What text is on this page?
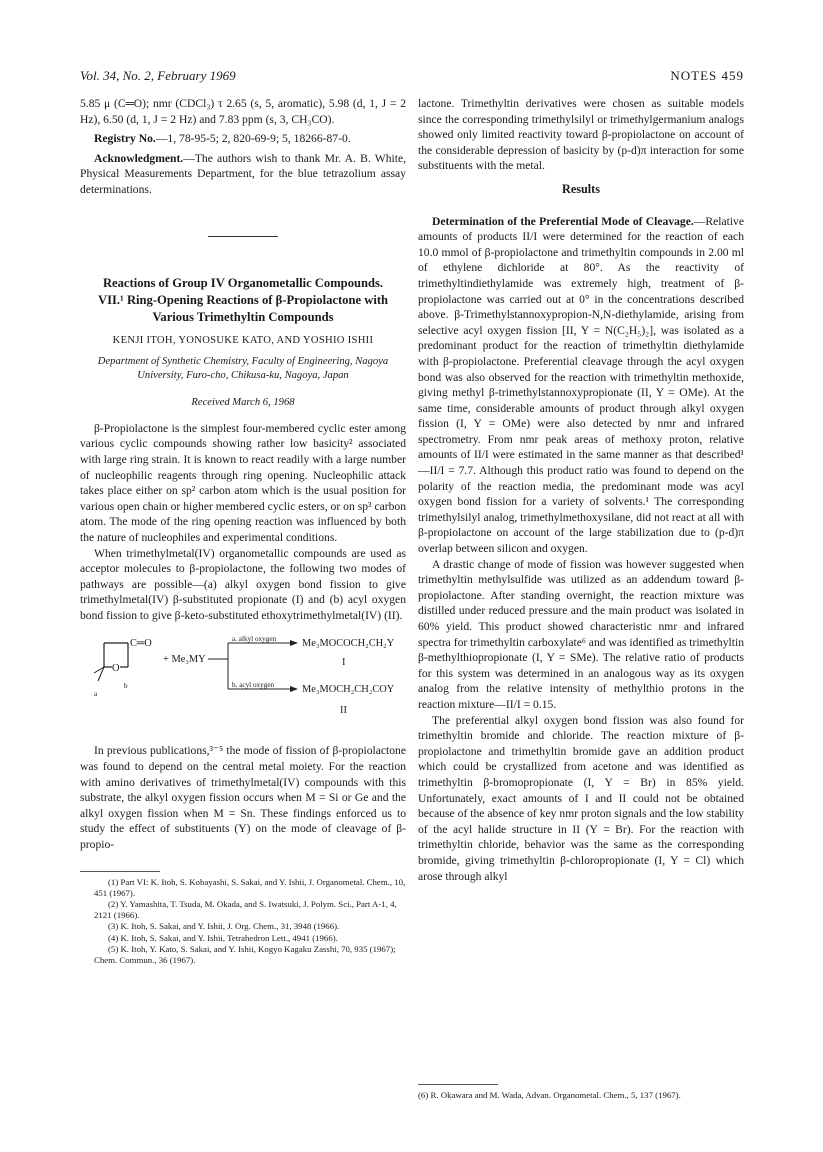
Vol. 34, No. 2, February 1969	NOTES 459

5.85 μ (C═O); nmr (CDCl₃) τ 2.65 (s, 5, aromatic), 5.98 (d, 1, J = 2 Hz), 6.50 (d, 1, J = 2 Hz) and 7.83 ppm (s, 3, CH₃CO).

Registry No.—1, 78-95-5; 2, 820-69-9; 5, 18266-87-0.

Acknowledgment.—The authors wish to thank Mr. A. B. White, Physical Measurements Department, for the blue tetrazolium assay determinations.

Reactions of Group IV Organometallic Compounds. VII.¹ Ring-Opening Reactions of β-Propiolactone with Various Trimethyltin Compounds
KENJI ITOH, YONOSUKE KATO, AND YOSHIO ISHII
Department of Synthetic Chemistry, Faculty of Engineering, Nagoya University, Furo-cho, Chikusa-ku, Nagoya, Japan
Received March 6, 1968

β-Propiolactone is the simplest four-membered cyclic ester among various cyclic compounds showing rather low basicity² associated with large ring strain. It is known to react readily with a large number of nucleophilic reagents through ring opening. Nucleophilic attack takes place either on sp² carbon atom which is the usual position for various open chain or higher membered cyclic esters, or on sp³ carbon atom. The mode of the ring opening reaction was influenced by both the nature of nucleophiles and experimental conditions.

When trimethylmetal(IV) organometallic compounds are used as acceptor molecules to β-propiolactone, the following two modes of pathways are possible—(a) alkyl oxygen bond fission to give trimethylmetal(IV) β-substituted propionate (I) and (b) acyl oxygen bond fission to give β-keto-substituted ethoxytrimethylmetal(IV) (II).

C═O
O
+ Me₃MY
a
b
a. alkyl oxygen
b. acyl oxygen
Me₃MOCOCH₂CH₂Y
I
Me₃MOCH₂CH₂COY
II

In previous publications,³⁻⁵ the mode of fission of β-propiolactone was found to depend on the central metal moiety. For the reaction with amino derivatives of trimethylmetal(IV) compounds with this substrate, the alkyl oxygen fission occurs when M = Si or Ge and the alkyl oxygen fission when M = Sn. These findings enforced us to study the effect of substituents (Y) on the mode of cleavage of β-propio-

(1) Part VI: K. Itoh, S. Kobayashi, S. Sakai, and Y. Ishii, J. Organometal. Chem., 10, 451 (1967).

(2) Y. Yamashita, T. Tsuda, M. Okada, and S. Iwatsuki, J. Polym. Sci., Part A-1, 4, 2121 (1966).

(3) K. Itoh, S. Sakai, and Y. Ishii, J. Org. Chem., 31, 3948 (1966).

(4) K. Itoh, S. Sakai, and Y. Ishii, Tetrahedron Lett., 4941 (1966).

(5) K. Itoh, Y. Kato, S. Sakai, and Y. Ishii, Kogyo Kagaku Zasshi, 70, 935 (1967); Chem. Commun., 36 (1967).

lactone. Trimethyltin derivatives were chosen as suitable models since the corresponding trimethylsilyl or trimethylgermanium analogs showed only limited reactivity toward β-propiolactone on account of the considerable depression of basicity by (p-d)π interaction for some substituents with the metal.

Results

Determination of the Preferential Mode of Cleavage.—Relative amounts of products II/I were determined for the reaction of each 10.0 mmol of β-propiolactone and trimethyltin compounds in 2.00 ml of ethylene dichloride at 80°. As the reactivity of trimethyltindiethylamide was extremely high, treatment of β-propiolactone was carried out at 0° in the concentrations described above. β-Trimethylstannoxypropion-N,N-diethylamide, arising from selective acyl oxygen fission [II, Y = N(C₂H₅)₂], was isolated as a predominant product for the reaction of trimethyltin diethylamide with β-propiolactone. Preferential cleavage through the acyl oxygen bond was also observed for the reaction with trimethyltin methoxide, giving methyl β-trimethylstannoxypropionate (II, Y = OMe). At the same time, considerable amounts of product through alkyl oxygen fission (I, Y = OMe) were also detected by nmr and infrared spectrometry. From nmr peak areas of methoxy proton, relative amounts of II/I were estimated in the same manner as that described¹—II/I = 7.7. Although this product ratio was found to depend on the polarity of the reaction media, the predominant mode was acyl oxygen bond fission for a variety of solvents.¹ The corresponding trimethylsilyl analog, trimethylmethoxysilane, did not react at all with β-propiolactone on account of the large stabilization due to (p-d)π overlap between silicon and oxygen.

A drastic change of mode of fission was however suggested when trimethyltin methylsulfide was utilized as an addendum toward β-propiolactone. After standing overnight, the reaction mixture was distilled under reduced pressure and the main product was isolated in 60% yield. This product showed characteristic nmr and infrared spectra for trimethyltin carboxylate⁶ and was identified as trimethyltin β-methylthiopropionate (I, Y = SMe). The relative ratio of products for this system was determined in an analogous way as its oxygen analog from the relative intensity of methylthio protons in the reaction mixture—II/I = 0.15.

The preferential alkyl oxygen bond fission was also found for trimethyltin bromide and chloride. The reaction mixture of β-propiolactone and trimethyltin bromide gave an addition product which could be crystallized from acetone and was identified as trimethyltin β-bromopropionate (I, Y = Br) in 85% yield. Unfortunately, exact amounts of I and II could not be obtained because of the absence of key nmr proton signals and the low stability of the acyl halide structure in II (Y = Br). For the reaction with trimethyltin chloride, behavior was the same as the corresponding bromide, giving trimethyltin β-chloropropionate (I, Y = Cl) which arose through alkyl

(6) R. Okawara and M. Wada, Advan. Organometal. Chem., 5, 137 (1967).
